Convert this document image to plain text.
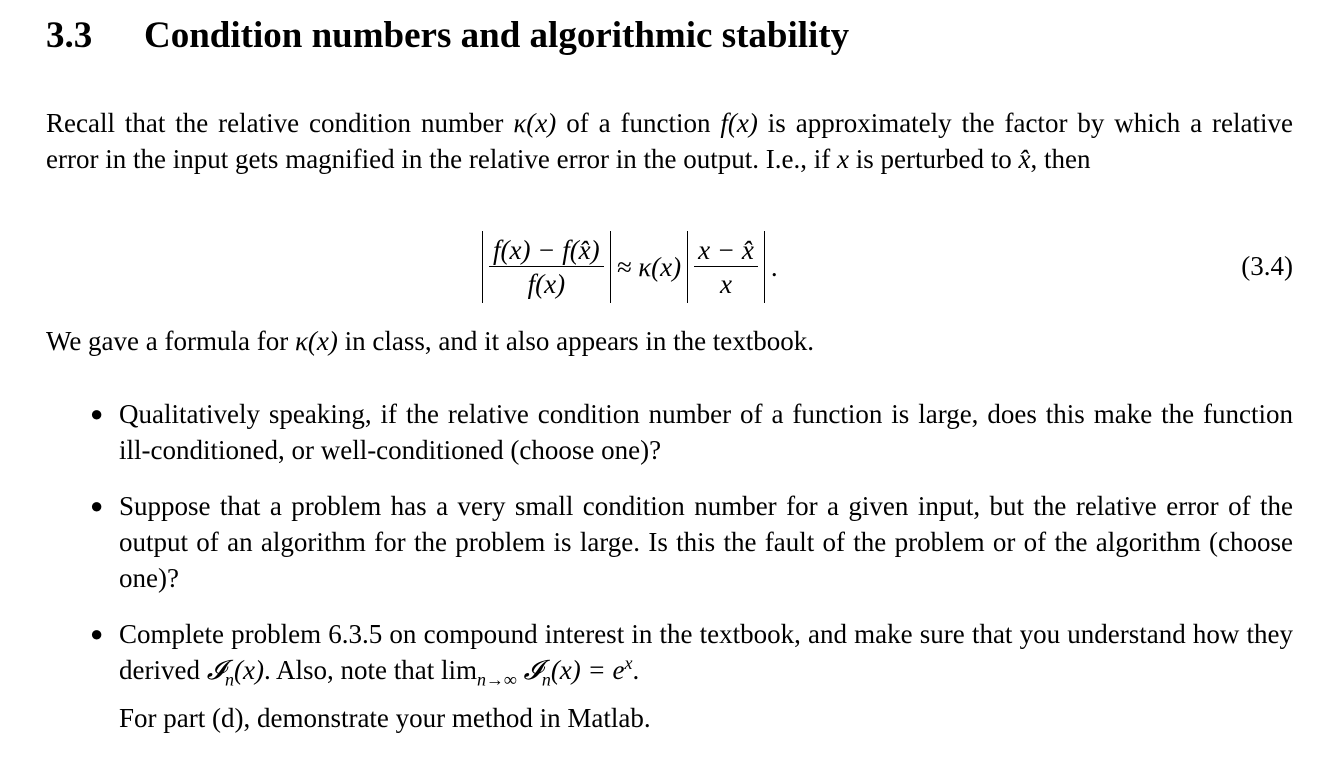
3.3 Condition numbers and algorithmic stability

Recall that the relative condition number κ(x) of a function f(x) is approximately the factor by which a relative error in the input gets magnified in the relative error in the output. I.e., if x is perturbed to x̂, then

$\frac{f(x) - f(x̂)}{f(x)} \approx \kappa(x) \frac{x - x̂}{x}$ .	(3.4)

We gave a formula for κ(x) in class, and it also appears in the textbook.

● Qualitatively speaking, if the relative condition number of a function is large, does this make the function ill-conditioned, or well-conditioned (choose one)?

● Suppose that a problem has a very small condition number for a given input, but the relative error of the output of an algorithm for the problem is large. Is this the fault of the problem or of the algorithm (choose one)?

● Complete problem 6.3.5 on compound interest in the textbook, and make sure that you understand how they derived 𝓘$_n$(x). Also, note that $\lim_{n\to\infty}$ 𝓘$_n$(x) = $e^x$.

For part (d), demonstrate your method in Matlab.
